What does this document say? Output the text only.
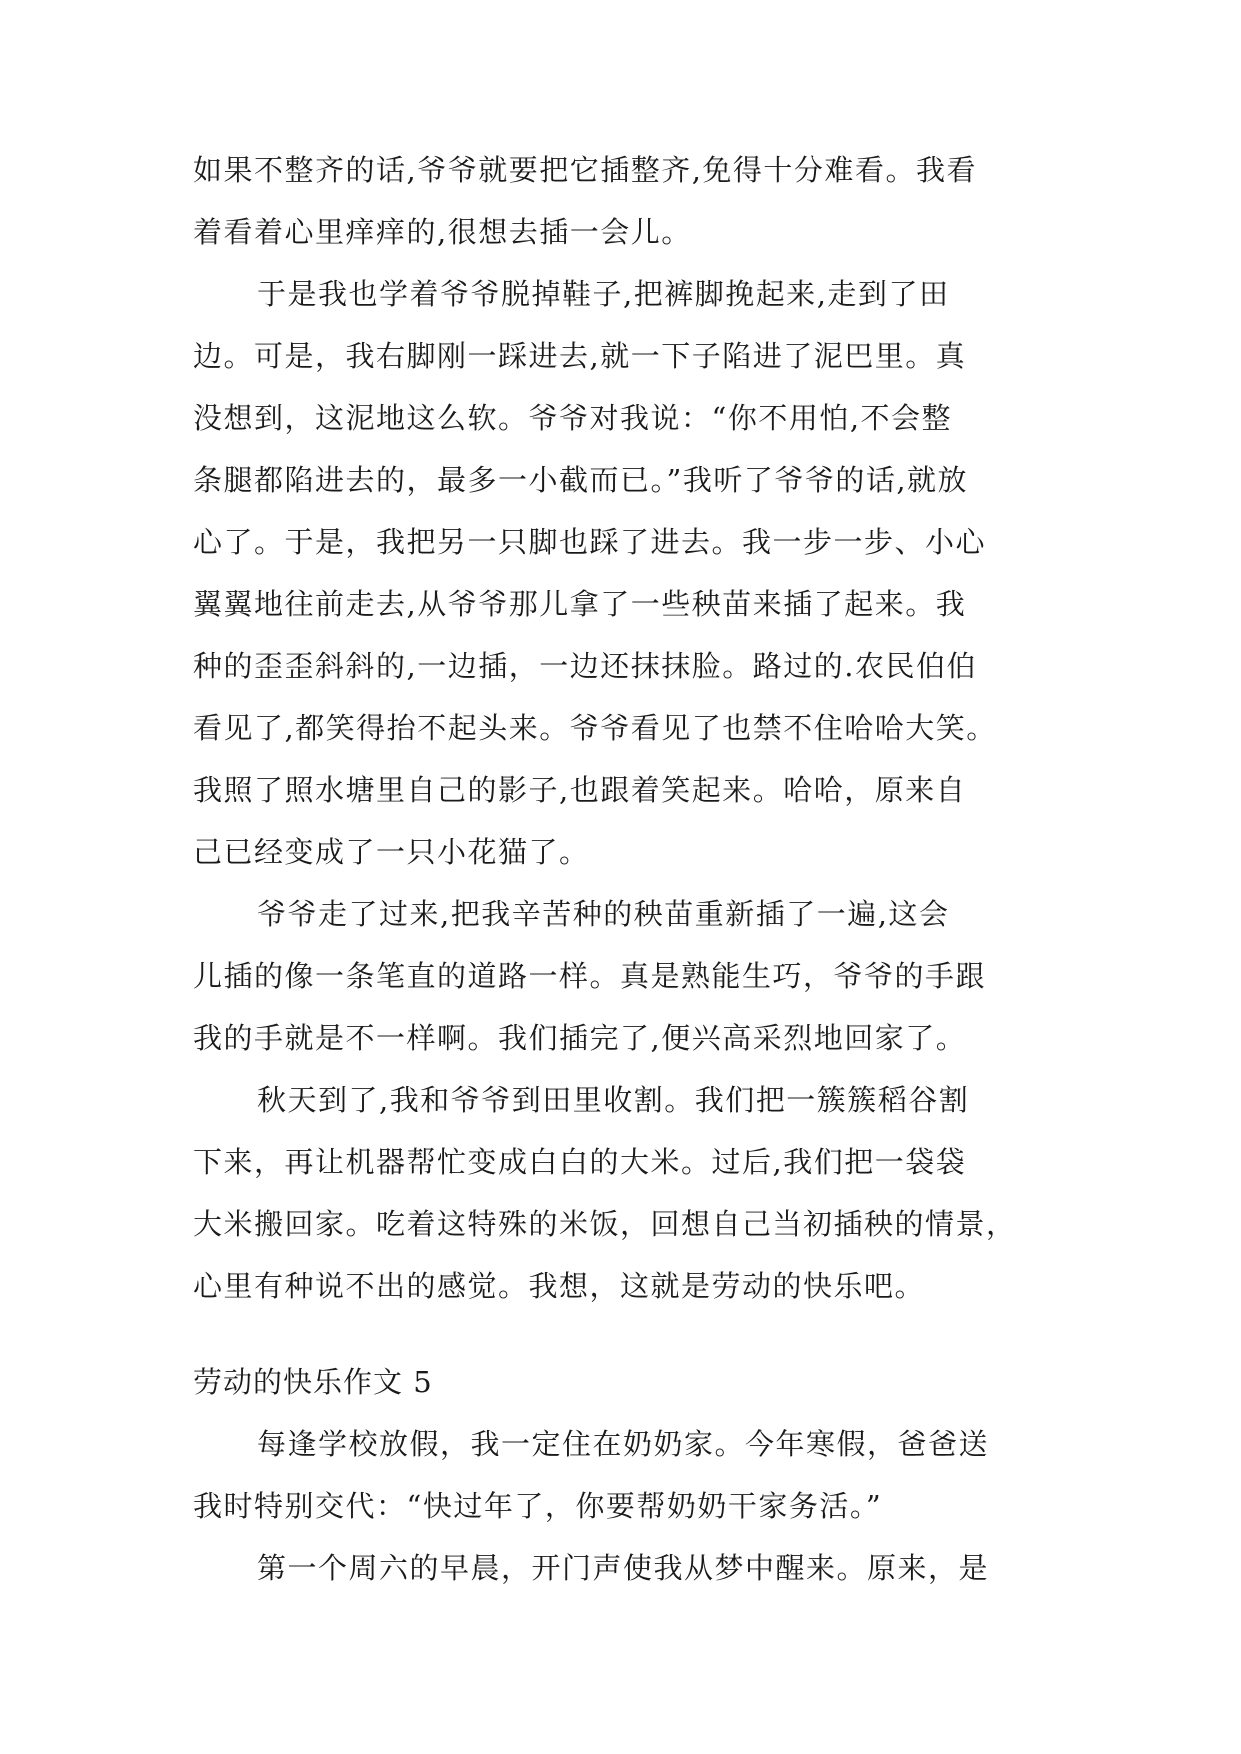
如果不整齐的话,爷爷就要把它插整齐,免得十分难看。我看
着看着心里痒痒的,很想去插一会儿。
于是我也学着爷爷脱掉鞋子,把裤脚挽起来,走到了田
边。可是，我右脚刚一踩进去,就一下子陷进了泥巴里。真
没想到，这泥地这么软。爷爷对我说：“你不用怕,不会整
条腿都陷进去的，最多一小截而已。”我听了爷爷的话,就放
心了。于是，我把另一只脚也踩了进去。我一步一步、小心
翼翼地往前走去,从爷爷那儿拿了一些秧苗来插了起来。我
种的歪歪斜斜的,一边插，一边还抹抹脸。路过的.农民伯伯
看见了,都笑得抬不起头来。爷爷看见了也禁不住哈哈大笑。
我照了照水塘里自己的影子,也跟着笑起来。哈哈，原来自
己已经变成了一只小花猫了。
爷爷走了过来,把我辛苦种的秧苗重新插了一遍,这会
儿插的像一条笔直的道路一样。真是熟能生巧，爷爷的手跟
我的手就是不一样啊。我们插完了,便兴高采烈地回家了。
秋天到了,我和爷爷到田里收割。我们把一簇簇稻谷割
下来，再让机器帮忙变成白白的大米。过后,我们把一袋袋
大米搬回家。吃着这特殊的米饭，回想自己当初插秧的情景，
心里有种说不出的感觉。我想，这就是劳动的快乐吧。
劳动的快乐作文 5
每逢学校放假，我一定住在奶奶家。今年寒假，爸爸送
我时特别交代：“快过年了，你要帮奶奶干家务活。”
第一个周六的早晨，开门声使我从梦中醒来。原来，是
